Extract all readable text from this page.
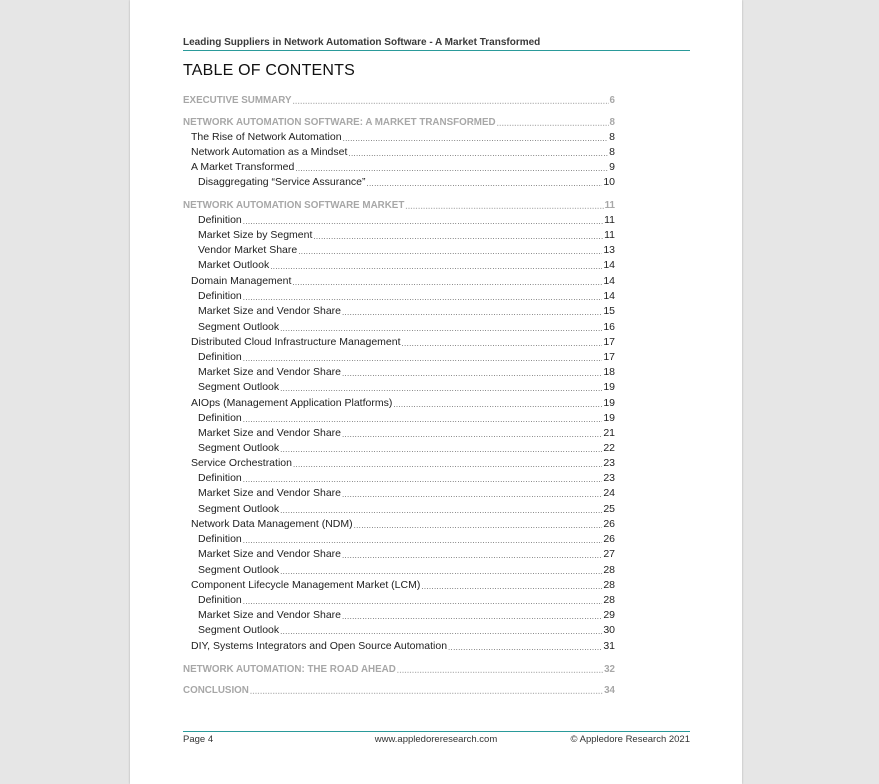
Leading Suppliers in Network Automation Software - A Market Transformed
TABLE OF CONTENTS
EXECUTIVE SUMMARY .....	6
NETWORK AUTOMATION SOFTWARE: A MARKET TRANSFORMED .....	8
The Rise of Network Automation .....	8
Network Automation as a Mindset .....	8
A Market Transformed .....	9
Disaggregating “Service Assurance” .....	10
NETWORK AUTOMATION SOFTWARE MARKET .....	11
Definition .....	11
Market Size by Segment .....	11
Vendor Market Share .....	13
Market Outlook .....	14
Domain Management .....	14
Definition .....	14
Market Size and Vendor Share .....	15
Segment Outlook .....	16
Distributed Cloud Infrastructure Management .....	17
Definition .....	17
Market Size and Vendor Share .....	18
Segment Outlook .....	19
AIOps (Management Application Platforms) .....	19
Definition .....	19
Market Size and Vendor Share .....	21
Segment Outlook .....	22
Service Orchestration .....	23
Definition .....	23
Market Size and Vendor Share .....	24
Segment Outlook .....	25
Network Data Management (NDM) .....	26
Definition .....	26
Market Size and Vendor Share .....	27
Segment Outlook .....	28
Component Lifecycle Management Market (LCM) .....	28
Definition .....	28
Market Size and Vendor Share .....	29
Segment Outlook .....	30
DIY, Systems Integrators and Open Source Automation .....	31
NETWORK AUTOMATION: THE ROAD AHEAD .....	32
CONCLUSION .....	34
Page 4	www.appledoreresearch.com	© Appledore Research 2021
